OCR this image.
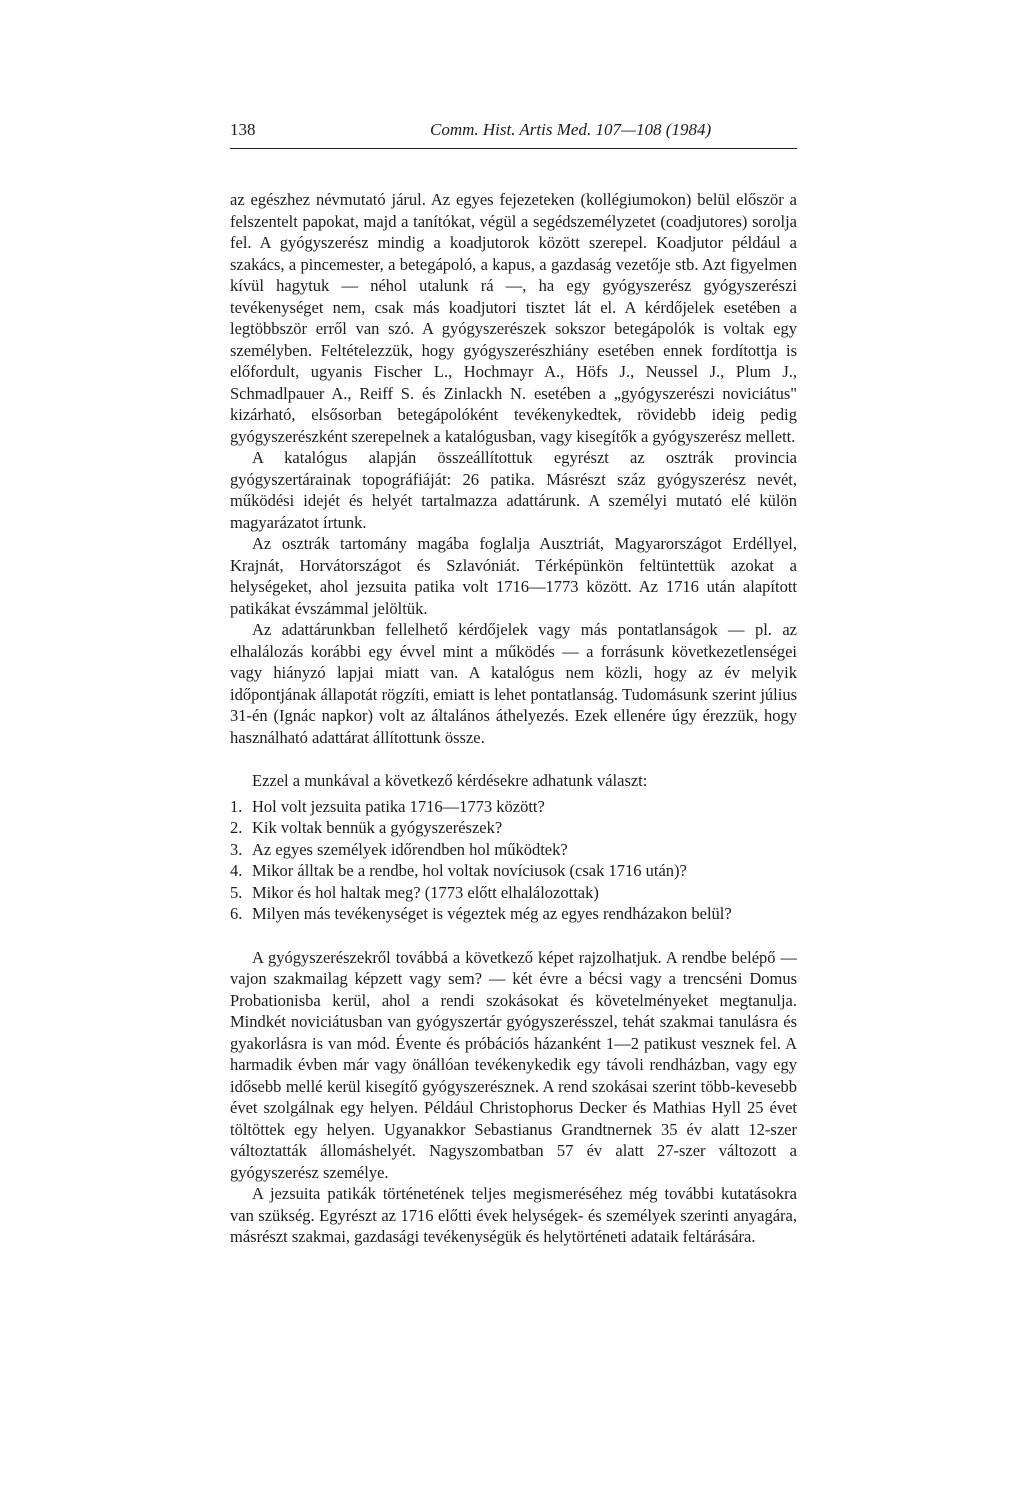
138	Comm. Hist. Artis Med. 107—108 (1984)

az egészhez névmutató járul. Az egyes fejezeteken (kollégiumokon) belül először a felszentelt papokat, majd a tanítókat, végül a segédszemélyzetet (coadjutores) sorolja fel. A gyógyszerész mindig a koadjutorok között szerepel. Koadjutor például a szakács, a pincemester, a betegápoló, a kapus, a gazdaság vezetője stb. Azt figyelmen kívül hagytuk — néhol utalunk rá —, ha egy gyógyszerész gyógyszerészi tevékenységet nem, csak más koadjutori tisztet lát el. A kérdőjelek esetében a legtöbbször erről van szó. A gyógyszerészek sokszor betegápolók is voltak egy személyben. Feltételezzük, hogy gyógyszerészhiány esetében ennek fordítottja is előfordult, ugyanis Fischer L., Hochmayr A., Höfs J., Neussel J., Plum J., Schmadlpauer A., Reiff S. és Zinlackh N. esetében a „gyógyszerészi noviciátus" kizárható, elsősorban betegápolóként tevékenykedtek, rövidebb ideig pedig gyógyszerészként szerepelnek a katalógusban, vagy kisegítők a gyógyszerész mellett.

A katalógus alapján összeállítottuk egyrészt az osztrák provincia gyógyszertárainak topográfiáját: 26 patika. Másrészt száz gyógyszerész nevét, működési idejét és helyét tartalmazza adattárunk. A személyi mutató elé külön magyarázatot írtunk.

Az osztrák tartomány magába foglalja Ausztriát, Magyarországot Erdéllyel, Krajnát, Horvátországot és Szlavóniát. Térképünkön feltüntettük azokat a helységeket, ahol jezsuita patika volt 1716—1773 között. Az 1716 után alapított patikákat évszámmal jelöltük.

Az adattárunkban fellelhető kérdőjelek vagy más pontatlanságok — pl. az elhalálozás korábbi egy évvel mint a működés — a forrásunk következetlenségei vagy hiányzó lapjai miatt van. A katalógus nem közli, hogy az év melyik időpontjának állapotát rögzíti, emiatt is lehet pontatlanság. Tudomásunk szerint július 31-én (Ignác napkor) volt az általános áthelyezés. Ezek ellenére úgy érezzük, hogy használható adattárat állítottunk össze.

Ezzel a munkával a következő kérdésekre adhatunk választ:

1. Hol volt jezsuita patika 1716—1773 között?
2. Kik voltak bennük a gyógyszerészek?
3. Az egyes személyek időrendben hol működtek?
4. Mikor álltak be a rendbe, hol voltak novíciusok (csak 1716 után)?
5. Mikor és hol haltak meg? (1773 előtt elhalálozottak)
6. Milyen más tevékenységet is végeztek még az egyes rendházakon belül?

A gyógyszerészekről továbbá a következő képet rajzolhatjuk. A rendbe belépő — vajon szakmailag képzett vagy sem? — két évre a bécsi vagy a trencséni Domus Probationisba kerül, ahol a rendi szokásokat és követelményeket megtanulja. Mindkét noviciátusban van gyógyszertár gyógyszerésszel, tehát szakmai tanulásra és gyakorlásra is van mód. Évente és próbációs házanként 1—2 patikust vesznek fel. A harmadik évben már vagy önállóan tevékenykedik egy távoli rendházban, vagy egy idősebb mellé kerül kisegítő gyógyszerésznek. A rend szokásai szerint több-kevesebb évet szolgálnak egy helyen. Például Christophorus Decker és Mathias Hyll 25 évet töltöttek egy helyen. Ugyanakkor Sebastianus Grandtnernek 35 év alatt 12-szer változtatták állomáshelyét. Nagyszombatban 57 év alatt 27-szer változott a gyógyszerész személye.

A jezsuita patikák történetének teljes megismeréséhez még további kutatásokra van szükség. Egyrészt az 1716 előtti évek helységek- és személyek szerinti anyagára, másrészt szakmai, gazdasági tevékenységük és helytörténeti adataik feltárására.
